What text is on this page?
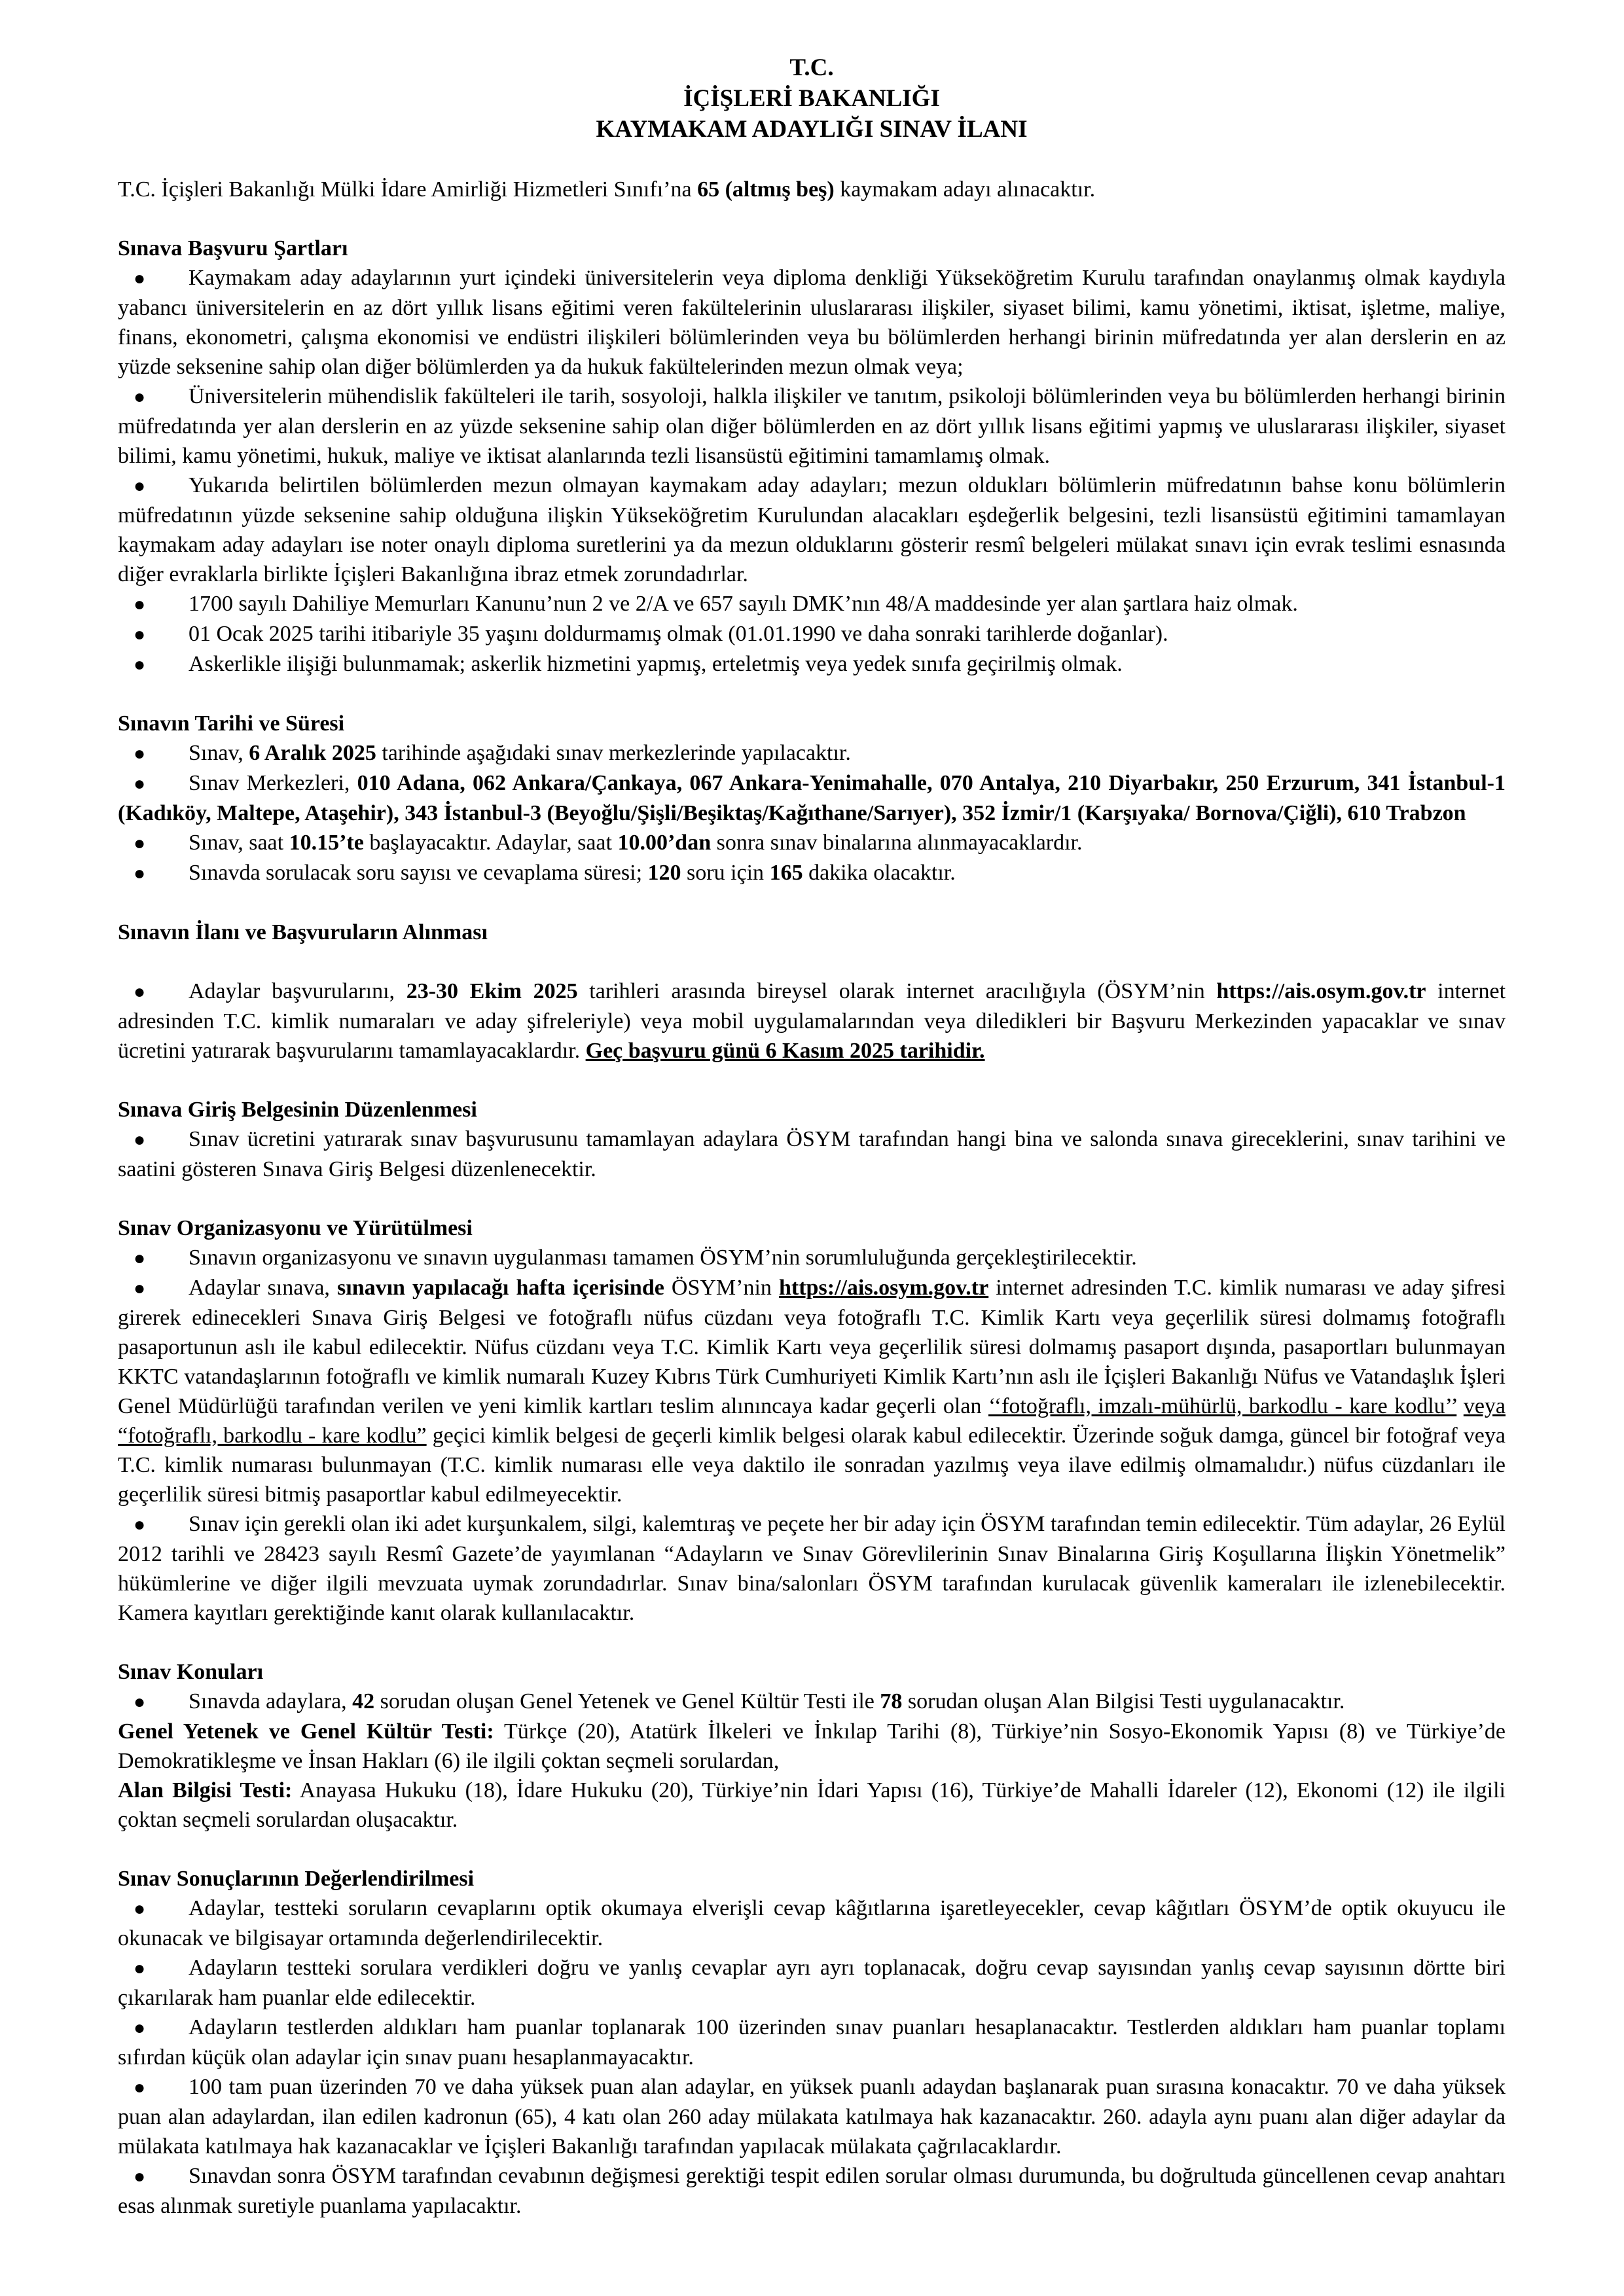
T.C.
İÇİŞLERİ BAKANLIĞI
KAYMAKAM ADAYLIĞI SINAV İLANI

T.C. İçişleri Bakanlığı Mülki İdare Amirliği Hizmetleri Sınıfı’na 65 (altmış beş) kaymakam adayı alınacaktır.

Sınava Başvuru Şartları

● Kaymakam aday adaylarının yurt içindeki üniversitelerin veya diploma denkliği Yükseköğretim Kurulu tarafından onaylanmış olmak kaydıyla yabancı üniversitelerin en az dört yıllık lisans eğitimi veren fakültelerinin uluslararası ilişkiler, siyaset bilimi, kamu yönetimi, iktisat, işletme, maliye, finans, ekonometri, çalışma ekonomisi ve endüstri ilişkileri bölümlerinden veya bu bölümlerden herhangi birinin müfredatında yer alan derslerin en az yüzde seksenine sahip olan diğer bölümlerden ya da hukuk fakültelerinden mezun olmak veya;

● Üniversitelerin mühendislik fakülteleri ile tarih, sosyoloji, halkla ilişkiler ve tanıtım, psikoloji bölümlerinden veya bu bölümlerden herhangi birinin müfredatında yer alan derslerin en az yüzde seksenine sahip olan diğer bölümlerden en az dört yıllık lisans eğitimi yapmış ve uluslararası ilişkiler, siyaset bilimi, kamu yönetimi, hukuk, maliye ve iktisat alanlarında tezli lisansüstü eğitimini tamamlamış olmak.

● Yukarıda belirtilen bölümlerden mezun olmayan kaymakam aday adayları; mezun oldukları bölümlerin müfredatının bahse konu bölümlerin müfredatının yüzde seksenine sahip olduğuna ilişkin Yükseköğretim Kurulundan alacakları eşdeğerlik belgesini, tezli lisansüstü eğitimini tamamlayan kaymakam aday adayları ise noter onaylı diploma suretlerini ya da mezun olduklarını gösterir resmî belgeleri mülakat sınavı için evrak teslimi esnasında diğer evraklarla birlikte İçişleri Bakanlığına ibraz etmek zorundadırlar.

● 1700 sayılı Dahiliye Memurları Kanunu’nun 2 ve 2/A ve 657 sayılı DMK’nın 48/A maddesinde yer alan şartlara haiz olmak.

● 01 Ocak 2025 tarihi itibariyle 35 yaşını doldurmamış olmak (01.01.1990 ve daha sonraki tarihlerde doğanlar).

● Askerlikle ilişiği bulunmamak; askerlik hizmetini yapmış, erteletmiş veya yedek sınıfa geçirilmiş olmak.

Sınavın Tarihi ve Süresi

● Sınav, 6 Aralık 2025 tarihinde aşağıdaki sınav merkezlerinde yapılacaktır.

● Sınav Merkezleri, 010 Adana, 062 Ankara/Çankaya, 067 Ankara-Yenimahalle, 070 Antalya, 210 Diyarbakır, 250 Erzurum, 341 İstanbul-1 (Kadıköy, Maltepe, Ataşehir), 343 İstanbul-3 (Beyoğlu/Şişli/Beşiktaş/Kağıthane/Sarıyer), 352 İzmir/1 (Karşıyaka/ Bornova/Çiğli), 610 Trabzon

● Sınav, saat 10.15’te başlayacaktır. Adaylar, saat 10.00’dan sonra sınav binalarına alınmayacaklardır.

● Sınavda sorulacak soru sayısı ve cevaplama süresi; 120 soru için 165 dakika olacaktır.

Sınavın İlanı ve Başvuruların Alınması

● Adaylar başvurularını, 23-30 Ekim 2025 tarihleri arasında bireysel olarak internet aracılığıyla (ÖSYM’nin https://ais.osym.gov.tr internet adresinden T.C. kimlik numaraları ve aday şifreleriyle) veya mobil uygulamalarından veya diledikleri bir Başvuru Merkezinden yapacaklar ve sınav ücretini yatırarak başvurularını tamamlayacaklardır. Geç başvuru günü 6 Kasım 2025 tarihidir.

Sınava Giriş Belgesinin Düzenlenmesi

● Sınav ücretini yatırarak sınav başvurusunu tamamlayan adaylara ÖSYM tarafından hangi bina ve salonda sınava gireceklerini, sınav tarihini ve saatini gösteren Sınava Giriş Belgesi düzenlenecektir.

Sınav Organizasyonu ve Yürütülmesi

● Sınavın organizasyonu ve sınavın uygulanması tamamen ÖSYM’nin sorumluluğunda gerçekleştirilecektir.

● Adaylar sınava, sınavın yapılacağı hafta içerisinde ÖSYM’nin https://ais.osym.gov.tr internet adresinden T.C. kimlik numarası ve aday şifresi girerek edinecekleri Sınava Giriş Belgesi ve fotoğraflı nüfus cüzdanı veya fotoğraflı T.C. Kimlik Kartı veya geçerlilik süresi dolmamış fotoğraflı pasaportunun aslı ile kabul edilecektir. Nüfus cüzdanı veya T.C. Kimlik Kartı veya geçerlilik süresi dolmamış pasaport dışında, pasaportları bulunmayan KKTC vatandaşlarının fotoğraflı ve kimlik numaralı Kuzey Kıbrıs Türk Cumhuriyeti Kimlik Kartı’nın aslı ile İçişleri Bakanlığı Nüfus ve Vatandaşlık İşleri Genel Müdürlüğü tarafından verilen ve yeni kimlik kartları teslim alınıncaya kadar geçerli olan ‘‘fotoğraflı, imzalı-mühürlü, barkodlu - kare kodlu’’ veya “fotoğraflı, barkodlu - kare kodlu” geçici kimlik belgesi de geçerli kimlik belgesi olarak kabul edilecektir. Üzerinde soğuk damga, güncel bir fotoğraf veya T.C. kimlik numarası bulunmayan (T.C. kimlik numarası elle veya daktilo ile sonradan yazılmış veya ilave edilmiş olmamalıdır.) nüfus cüzdanları ile geçerlilik süresi bitmiş pasaportlar kabul edilmeyecektir.

● Sınav için gerekli olan iki adet kurşunkalem, silgi, kalemtıraş ve peçete her bir aday için ÖSYM tarafından temin edilecektir. Tüm adaylar, 26 Eylül 2012 tarihli ve 28423 sayılı Resmî Gazete’de yayımlanan “Adayların ve Sınav Görevlilerinin Sınav Binalarına Giriş Koşullarına İlişkin Yönetmelik” hükümlerine ve diğer ilgili mevzuata uymak zorundadırlar. Sınav bina/salonları ÖSYM tarafından kurulacak güvenlik kameraları ile izlenebilecektir. Kamera kayıtları gerektiğinde kanıt olarak kullanılacaktır.

Sınav Konuları

● Sınavda adaylara, 42 sorudan oluşan Genel Yetenek ve Genel Kültür Testi ile 78 sorudan oluşan Alan Bilgisi Testi uygulanacaktır.

Genel Yetenek ve Genel Kültür Testi: Türkçe (20), Atatürk İlkeleri ve İnkılap Tarihi (8), Türkiye’nin Sosyo-Ekonomik Yapısı (8) ve Türkiye’de Demokratikleşme ve İnsan Hakları (6) ile ilgili çoktan seçmeli sorulardan,

Alan Bilgisi Testi: Anayasa Hukuku (18), İdare Hukuku (20), Türkiye’nin İdari Yapısı (16), Türkiye’de Mahalli İdareler (12), Ekonomi (12) ile ilgili çoktan seçmeli sorulardan oluşacaktır.

Sınav Sonuçlarının Değerlendirilmesi

● Adaylar, testteki soruların cevaplarını optik okumaya elverişli cevap kâğıtlarına işaretleyecekler, cevap kâğıtları ÖSYM’de optik okuyucu ile okunacak ve bilgisayar ortamında değerlendirilecektir.

● Adayların testteki sorulara verdikleri doğru ve yanlış cevaplar ayrı ayrı toplanacak, doğru cevap sayısından yanlış cevap sayısının dörtte biri çıkarılarak ham puanlar elde edilecektir.

● Adayların testlerden aldıkları ham puanlar toplanarak 100 üzerinden sınav puanları hesaplanacaktır. Testlerden aldıkları ham puanlar toplamı sıfırdan küçük olan adaylar için sınav puanı hesaplanmayacaktır.

● 100 tam puan üzerinden 70 ve daha yüksek puan alan adaylar, en yüksek puanlı adaydan başlanarak puan sırasına konacaktır. 70 ve daha yüksek puan alan adaylardan, ilan edilen kadronun (65), 4 katı olan 260 aday mülakata katılmaya hak kazanacaktır. 260. adayla aynı puanı alan diğer adaylar da mülakata katılmaya hak kazanacaklar ve İçişleri Bakanlığı tarafından yapılacak mülakata çağrılacaklardır.

● Sınavdan sonra ÖSYM tarafından cevabının değişmesi gerektiği tespit edilen sorular olması durumunda, bu doğrultuda güncellenen cevap anahtarı esas alınmak suretiyle puanlama yapılacaktır.
